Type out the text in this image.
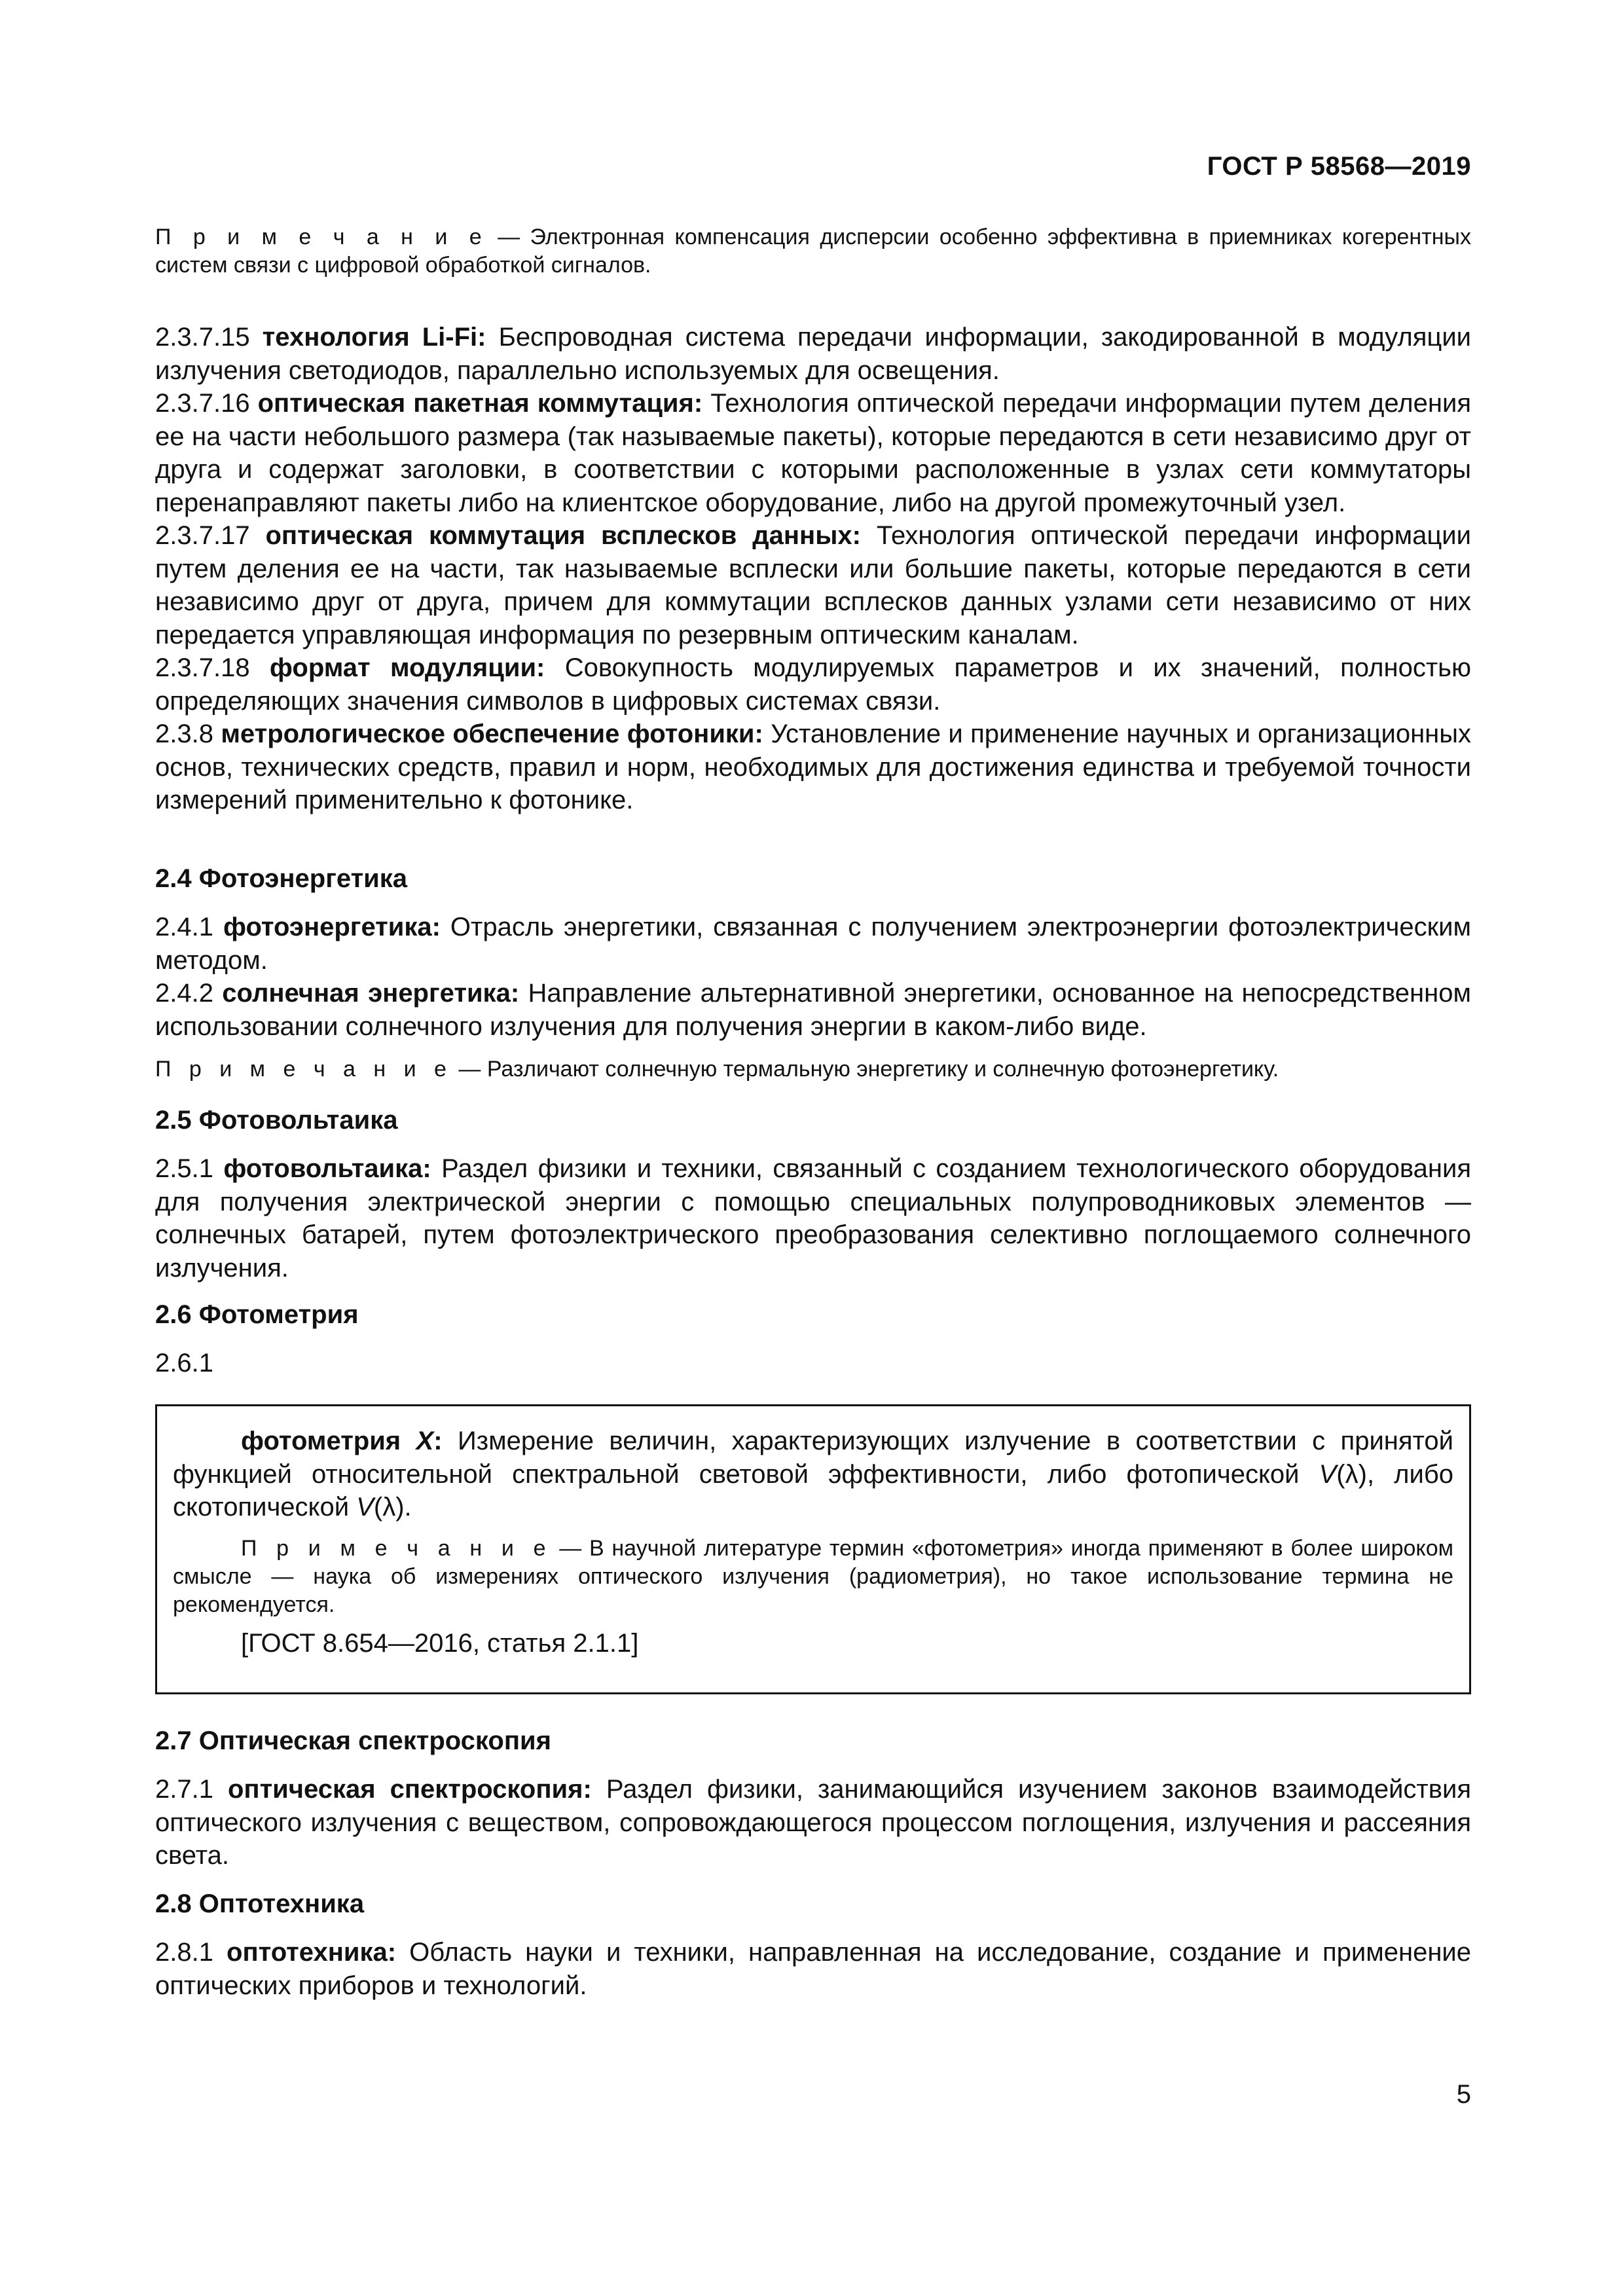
ГОСТ Р 58568—2019

П р и м е ч а н и е — Электронная компенсация дисперсии особенно эффективна в приемниках когерентных систем связи с цифровой обработкой сигналов.

2.3.7.15 технология Li-Fi: Беспроводная система передачи информации, закодированной в модуляции излучения светодиодов, параллельно используемых для освещения.

2.3.7.16 оптическая пакетная коммутация: Технология оптической передачи информации путем деления ее на части небольшого размера (так называемые пакеты), которые передаются в сети независимо друг от друга и содержат заголовки, в соответствии с которыми расположенные в узлах сети коммутаторы перенаправляют пакеты либо на клиентское оборудование, либо на другой промежуточный узел.

2.3.7.17 оптическая коммутация всплесков данных: Технология оптической передачи информации путем деления ее на части, так называемые всплески или большие пакеты, которые передаются в сети независимо друг от друга, причем для коммутации всплесков данных узлами сети независимо от них передается управляющая информация по резервным оптическим каналам.

2.3.7.18 формат модуляции: Совокупность модулируемых параметров и их значений, полностью определяющих значения символов в цифровых системах связи.

2.3.8 метрологическое обеспечение фотоники: Установление и применение научных и организационных основ, технических средств, правил и норм, необходимых для достижения единства и требуемой точности измерений применительно к фотонике.

2.4 Фотоэнергетика

2.4.1 фотоэнергетика: Отрасль энергетики, связанная с получением электроэнергии фотоэлектрическим методом.

2.4.2 солнечная энергетика: Направление альтернативной энергетики, основанное на непосредственном использовании солнечного излучения для получения энергии в каком-либо виде.

П р и м е ч а н и е — Различают солнечную термальную энергетику и солнечную фотоэнергетику.

2.5 Фотовольтаика

2.5.1 фотовольтаика: Раздел физики и техники, связанный с созданием технологического оборудования для получения электрической энергии с помощью специальных полупроводниковых элементов — солнечных батарей, путем фотоэлектрического преобразования селективно поглощаемого солнечного излучения.

2.6 Фотометрия

2.6.1

фотометрия X: Измерение величин, характеризующих излучение в соответствии с принятой функцией относительной спектральной световой эффективности, либо фотопической V(λ), либо скотопической V(λ).

П р и м е ч а н и е — В научной литературе термин «фотометрия» иногда применяют в более широком смысле — наука об измерениях оптического излучения (радиометрия), но такое использование термина не рекомендуется.

[ГОСТ 8.654—2016, статья 2.1.1]

2.7 Оптическая спектроскопия

2.7.1 оптическая спектроскопия: Раздел физики, занимающийся изучением законов взаимодействия оптического излучения с веществом, сопровождающегося процессом поглощения, излучения и рассеяния света.

2.8 Оптотехника

2.8.1 оптотехника: Область науки и техники, направленная на исследование, создание и применение оптических приборов и технологий.

5
